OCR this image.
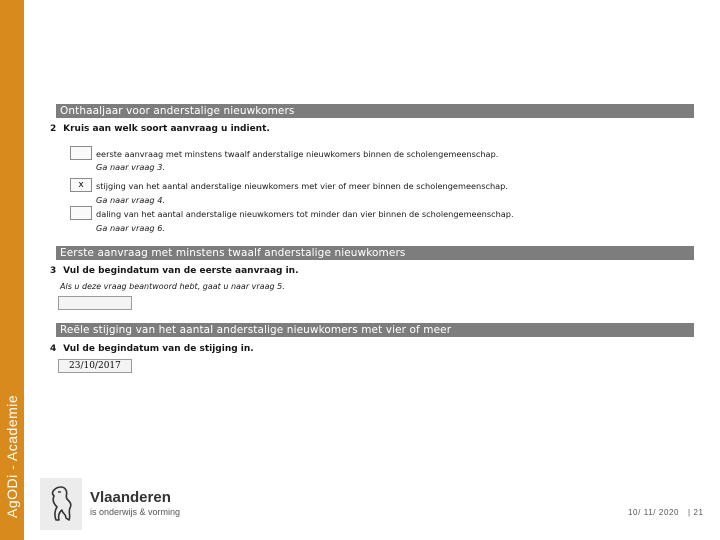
AgODi - Academie
Onthaaljaar voor anderstalige nieuwkomers
2 Kruis aan welk soort aanvraag u indient.
eerste aanvraag met minstens twaalf anderstalige nieuwkomers binnen de scholengemeenschap.
Ga naar vraag 3.
x	stijging van het aantal anderstalige nieuwkomers met vier of meer binnen de scholengemeenschap.
Ga naar vraag 4.
daling van het aantal anderstalige nieuwkomers tot minder dan vier binnen de scholengemeenschap.
Ga naar vraag 6.
Eerste aanvraag met minstens twaalf anderstalige nieuwkomers
3 Vul de begindatum van de eerste aanvraag in.
Als u deze vraag beantwoord hebt, gaat u naar vraag 5.
Reële stijging van het aantal anderstalige nieuwkomers met vier of meer
4 Vul de begindatum van de stijging in.
23/10/2017
Vlaanderen
is onderwijs & vorming	10/ 11/ 2020 | 21
